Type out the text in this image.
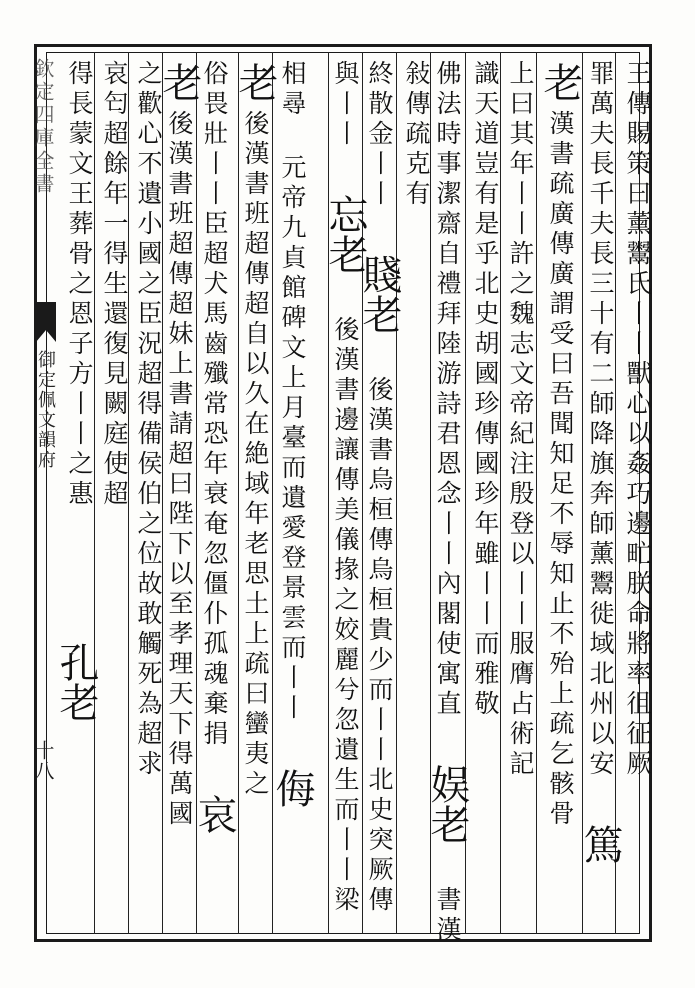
欽定四庫全書
御定佩文韻府
十八	王傳賜策曰薰鬻氏丨丨獸心以姦巧邊甿朕命將率徂征厥
罪萬夫長千夫長三十有二師降旗奔師薰鬻徙域北州以安 篤
老漢書疏廣傳廣謂受曰吾聞知足不辱知止不殆上疏乞骸骨
上曰其年丨丨許之魏志文帝紀注殷登以丨丨服膺占術記
識天道豈有是乎北史胡國珍傳國珍年雖丨丨而雅敬
佛法時事潔齋自禮拜陸游詩君恩念丨丨內閣使寓直 娱老 書漢
敍傳疏克有
終散金丨丨 賤老 後漢書烏桓傳烏桓貴少而丨丨北史突厥傳
與丨丨 忘老 後漢書邊讓傳美儀掾之姣麗兮忽遺生而丨丨梁
相尋 元帝九貞館碑文上月臺而遺愛登景雲而丨丨 侮
老後漢書班超傳超自以久在絶域年老思土上疏曰蠻夷之
俗畏壯丨丨臣超犬馬齒殲常恐年衰奄忽僵仆孤魂棄捐 哀
老後漢書班超傳超妹上書請超曰陛下以至孝理天下得萬國
之歡心不遺小國之臣況超得備侯伯之位故敢觸死為超求
哀匄超餘年一得生還復見闕庭使超
得長蒙文王葬骨之恩子方丨丨之惠
孔老
